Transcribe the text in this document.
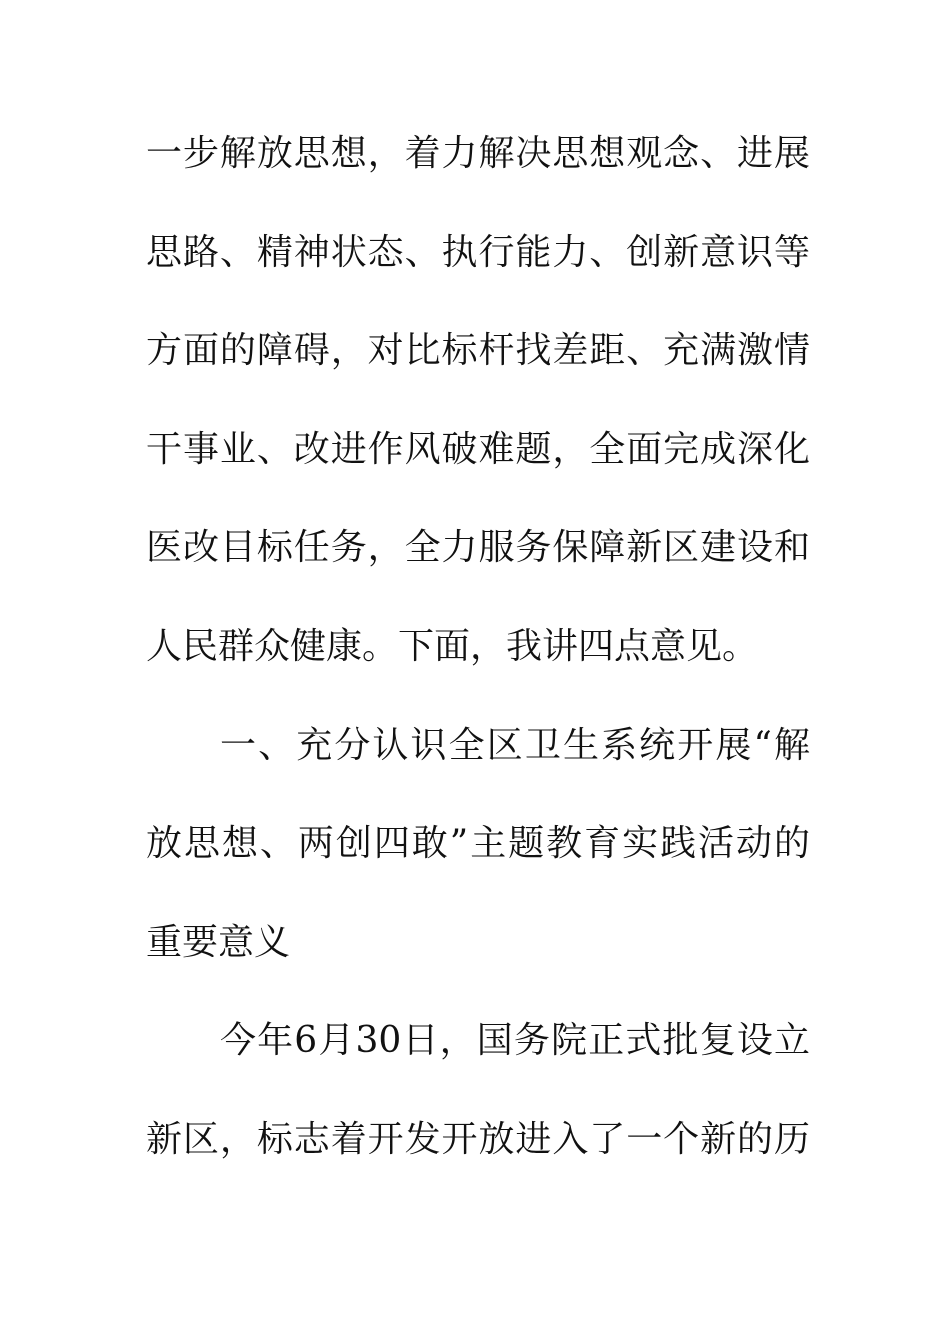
一步解放思想，着力解决思想观念、进展
思路、精神状态、执行能力、创新意识等
方面的障碍，对比标杆找差距、充满激情
干事业、改进作风破难题，全面完成深化
医改目标任务，全力服务保障新区建设和
人民群众健康。下面，我讲四点意见。
一、充分认识全区卫生系统开展“解
放思想、两创四敢”主题教育实践活动的
重要意义
今年6月30日，国务院正式批复设立
新区，标志着开发开放进入了一个新的历
